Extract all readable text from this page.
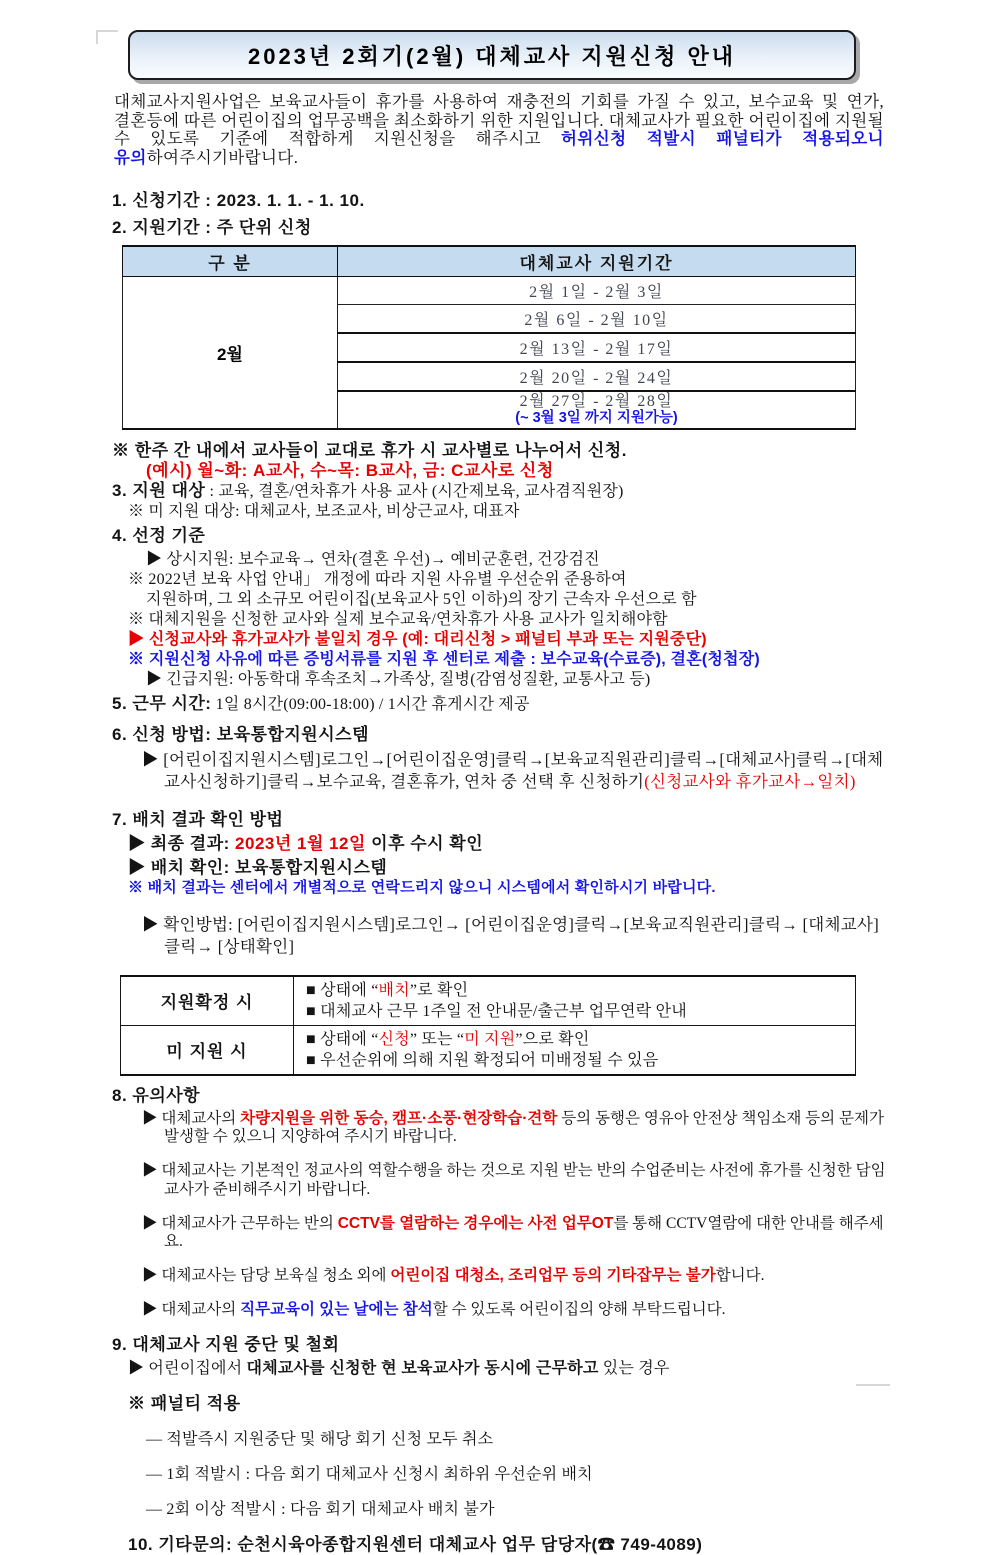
2023년 2회기(2월) 대체교사 지원신청 안내

대체교사지원사업은 보육교사들이 휴가를 사용하여 재충전의 기회를 가질 수 있고, 보수교육 및 연가, 결혼등에 따른 어린이집의 업무공백을 최소화하기 위한 지원입니다. 대체교사가 필요한 어린이집에 지원될 수 있도록 기준에 적합하게 지원신청을 해주시고 허위신청 적발시 패널티가 적용되오니 유의하여주시기바랍니다.

1. 신청기간 : 2023. 1. 1. - 1. 10.

2. 지원기간 : 주 단위 신청

구 분	대체교사 지원기간
2월	2월 1일 - 2월 3일
	2월 6일 - 2월 10일
	2월 13일 - 2월 17일
	2월 20일 - 2월 24일
	2월 27일 - 2월 28일
(~ 3월 3일 까지 지원가능)

※ 한주 간 내에서 교사들이 교대로 휴가 시 교사별로 나누어서 신청.

(예시) 월~화: A교사, 수~목: B교사, 금: C교사로 신청

3. 지원 대상 : 교육, 결혼/연차휴가 사용 교사 (시간제보육, 교사겸직원장)

※ 미 지원 대상: 대체교사, 보조교사, 비상근교사, 대표자

4. 선정 기준

▶ 상시지원: 보수교육→ 연차(결혼 우선)→ 예비군훈련, 건강검진

※ 2022년 보육 사업 안내」 개정에 따라 지원 사유별 우선순위 준용하여

지원하며, 그 외 소규모 어린이집(보육교사 5인 이하)의 장기 근속자 우선으로 함

※ 대체지원을 신청한 교사와 실제 보수교육/연차휴가 사용 교사가 일치해야함

▶ 신청교사와 휴가교사가 불일치 경우 (예: 대리신청 > 패널티 부과 또는 지원중단)

※ 지원신청 사유에 따른 증빙서류를 지원 후 센터로 제출 : 보수교육(수료증), 결혼(청첩장)

▶ 긴급지원: 아동학대 후속조치→가족상, 질병(감염성질환, 교통사고 등)

5. 근무 시간: 1일 8시간(09:00-18:00) / 1시간 휴게시간 제공

6. 신청 방법: 보육통합지원시스템

▶ [어린이집지원시스템]로그인→[어린이집운영]클릭→[보육교직원관리]클릭→[대체교사]클릭→[대체교사신청하기]클릭→보수교육, 결혼휴가, 연차 중 선택 후 신청하기(신청교사와 휴가교사→일치)

7. 배치 결과 확인 방법

▶ 최종 결과: 2023년 1월 12일 이후 수시 확인

▶ 배치 확인: 보육통합지원시스템

※ 배치 결과는 센터에서 개별적으로 연락드리지 않으니 시스템에서 확인하시기 바랍니다.

▶ 확인방법: [어린이집지원시스템]로그인→ [어린이집운영]클릭→[보육교직원관리]클릭→ [대체교사]클릭→ [상태확인]

지원확정 시	■ 상태에 “배치”로 확인
■ 대체교사 근무 1주일 전 안내문/출근부 업무연락 안내

미 지원 시	■ 상태에 “신청” 또는 “미 지원”으로 확인
■ 우선순위에 의해 지원 확정되어 미배정될 수 있음

8. 유의사항

▶ 대체교사의 차량지원을 위한 동승, 캠프·소풍·현장학습·견학 등의 동행은 영유아 안전상 책임소재 등의 문제가 발생할 수 있으니 지양하여 주시기 바랍니다.

▶ 대체교사는 기본적인 정교사의 역할수행을 하는 것으로 지원 받는 반의 수업준비는 사전에 휴가를 신청한 담임교사가 준비해주시기 바랍니다.

▶ 대체교사가 근무하는 반의 CCTV를 열람하는 경우에는 사전 업무OT를 통해 CCTV열람에 대한 안내를 해주세요.

▶ 대체교사는 담당 보육실 청소 외에 어린이집 대청소, 조리업무 등의 기타잡무는 불가합니다.

▶ 대체교사의 직무교육이 있는 날에는 참석할 수 있도록 어린이집의 양해 부탁드립니다.

9. 대체교사 지원 중단 및 철회

▶ 어린이집에서 대체교사를 신청한 현 보육교사가 동시에 근무하고 있는 경우

※ 패널티 적용

— 적발즉시 지원중단 및 해당 회기 신청 모두 취소

— 1회 적발시 : 다음 회기 대체교사 신청시 최하위 우선순위 배치

— 2회 이상 적발시 : 다음 회기 대체교사 배치 불가

10. 기타문의: 순천시육아종합지원센터 대체교사 업무 담당자(☎ 749-4089)
